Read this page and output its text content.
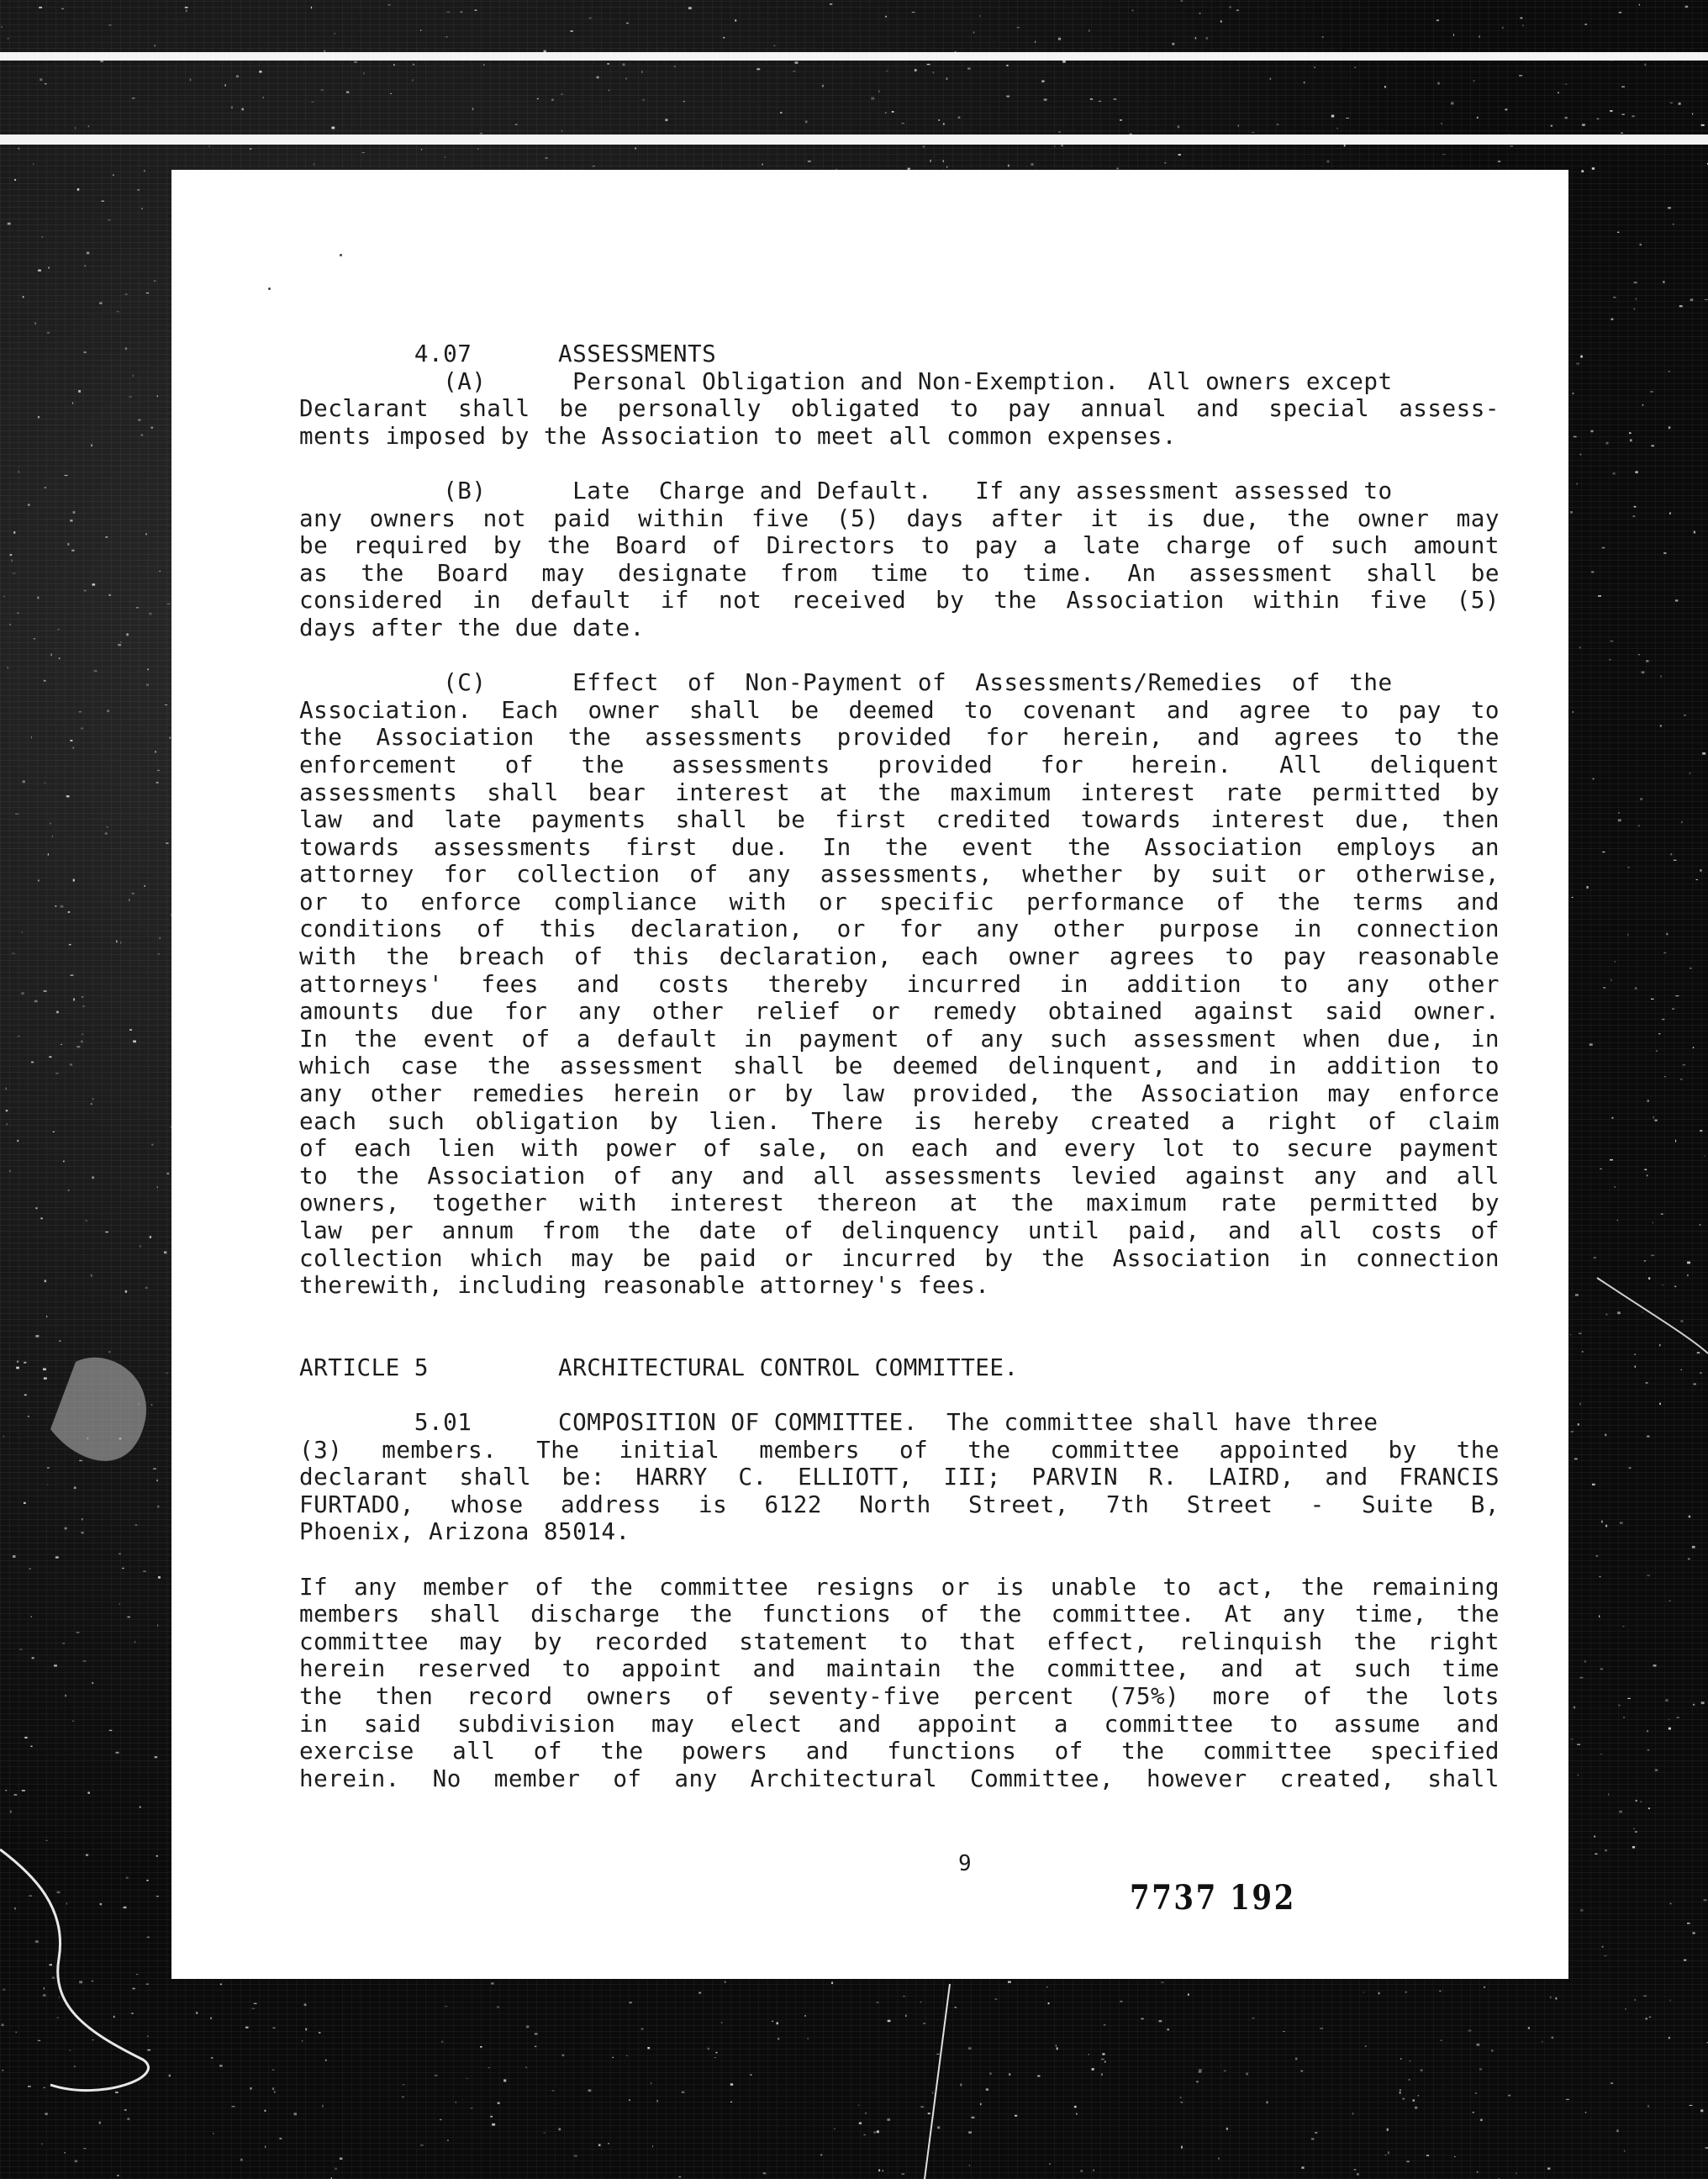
4.07      ASSESSMENTS
(A)      Personal Obligation and Non-Exemption.  All owners except
Declarant shall be personally obligated to pay annual and special assess-
ments imposed by the Association to meet all common expenses.
(B)      Late  Charge and Default.   If any assessment assessed to
any owners not paid within five (5) days after it is due, the owner may
be required by the Board of Directors to pay a late charge of such amount
as the Board may designate from time to time. An assessment shall be
considered in default if not received by the Association within five (5)
days after the due date.
(C)      Effect  of  Non-Payment of  Assessments/Remedies  of  the
Association. Each owner shall be deemed to covenant and agree to pay to
the Association the assessments provided for herein, and agrees to the
enforcement of the assessments provided for herein. All deliquent
assessments shall bear interest at the maximum interest rate permitted by
law and late payments shall be first credited towards interest due, then
towards assessments first due. In the event the Association employs an
attorney for collection of any assessments, whether by suit or otherwise,
or to enforce compliance with or specific performance of the terms and
conditions of this declaration, or for any other purpose in connection
with the breach of this declaration, each owner agrees to pay reasonable
attorneys' fees and costs thereby incurred in addition to any other
amounts due for any other relief or remedy obtained against said owner.
In the event of a default in payment of any such assessment when due, in
which case the assessment shall be deemed delinquent, and in addition to
any other remedies herein or by law provided, the Association may enforce
each such obligation by lien. There is hereby created a right of claim
of each lien with power of sale, on each and every lot to secure payment
to the Association of any and all assessments levied against any and all
owners, together with interest thereon at the maximum rate permitted by
law per annum from the date of delinquency until paid, and all costs of
collection which may be paid or incurred by the Association in connection
therewith, including reasonable attorney's fees.
ARTICLE 5         ARCHITECTURAL CONTROL COMMITTEE.
5.01      COMPOSITION OF COMMITTEE.  The committee shall have three
(3) members. The initial members of the committee appointed by the
declarant shall be: HARRY C. ELLIOTT, III; PARVIN R. LAIRD, and FRANCIS
FURTADO, whose address is 6122 North Street, 7th Street - Suite B,
Phoenix, Arizona 85014.
If any member of the committee resigns or is unable to act, the remaining
members shall discharge the functions of the committee. At any time, the
committee may by recorded statement to that effect, relinquish the right
herein reserved to appoint and maintain the committee, and at such time
the then record owners of seventy-five percent (75%) more of the lots
in said subdivision may elect and appoint a committee to assume and
exercise all of the powers and functions of the committee specified
herein. No member of any Architectural Committee, however created, shall
9
7737 192
